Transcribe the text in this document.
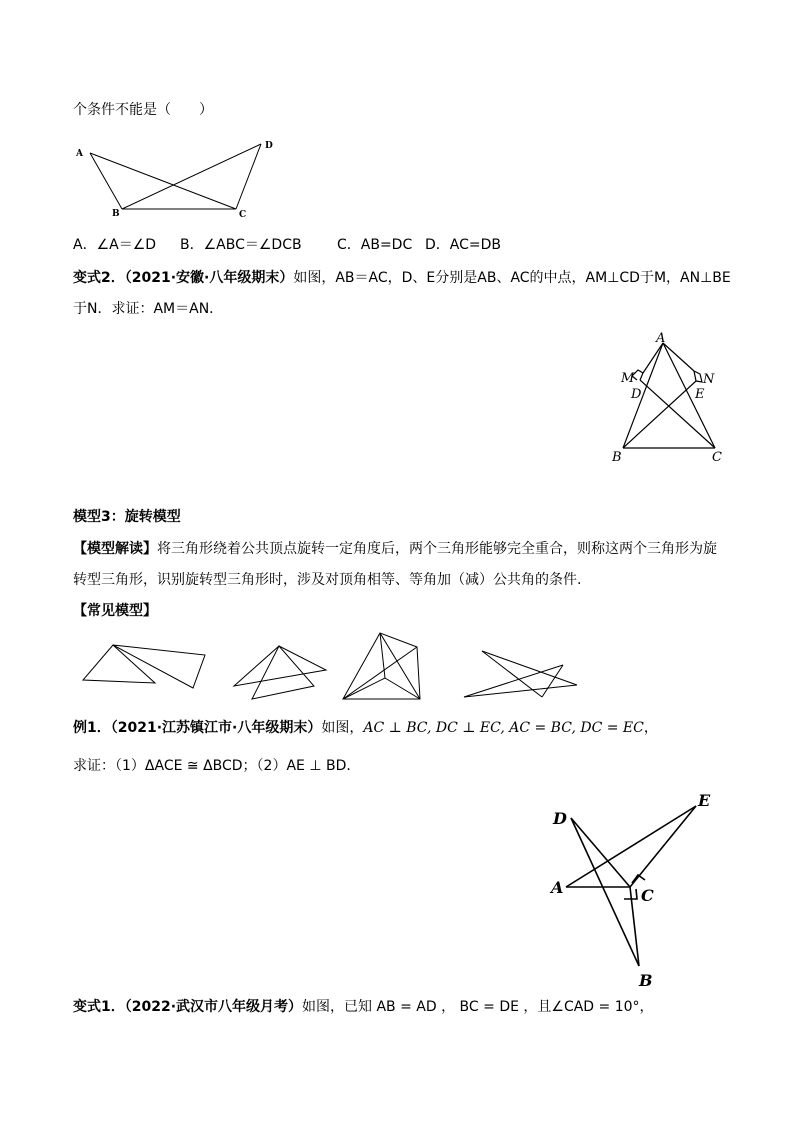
个条件不能是（　　）
A
B	C
D
A．∠A＝∠D B．∠ABC＝∠DCB	C．AB=DC D．AC=DB
变式2．（2021·安徽·八年级期末）如图，AB＝AC，D、E分别是AB、AC的中点，AM⊥CD于M，AN⊥BE
于N．求证：AM＝AN．
A
M	N
D	E
B	C
模型3：旋转模型
【模型解读】将三角形绕着公共顶点旋转一定角度后，两个三角形能够完全重合，则称这两个三角形为旋
转型三角形，识别旋转型三角形时，涉及对顶角相等、等角加（减）公共角的条件.
【常见模型】
例1．（2021·江苏镇江市·八年级期末）如图，AC ⊥ BC, DC ⊥ EC, AC = BC, DC = EC，
求证：（1）ΔACE ≅ ΔBCD；（2）AE ⊥ BD．
D
E
A	C
B
变式1．（2022·武汉市八年级月考）如图，已知 AB = AD ， BC = DE ，且∠CAD = 10°，
